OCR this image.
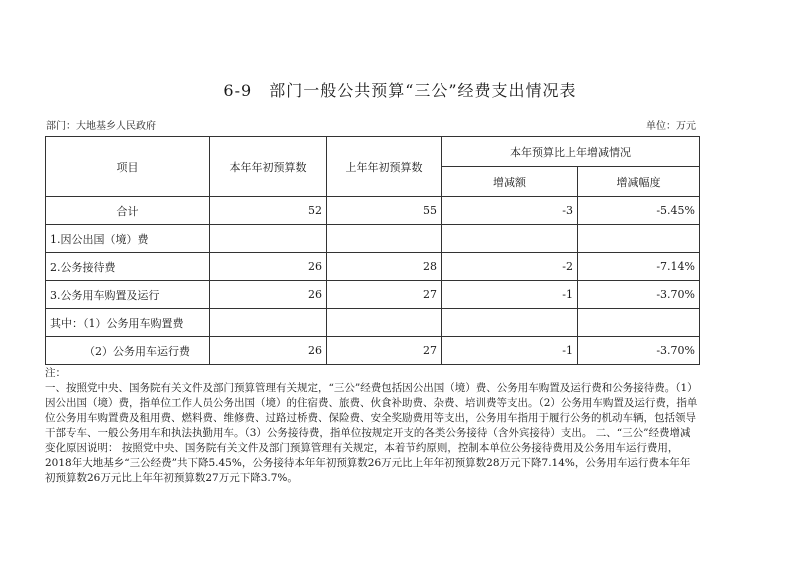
6-9　部门一般公共预算“三公”经费支出情况表
部门：大地基乡人民政府	单位：万元
项目	本年年初预算数	上年年初预算数	本年预算比上年增减情况	
			增减额	增减幅度
合计	52	55	-3	-5.45%
1.因公出国（境）费				
2.公务接待费	26	28	-2	-7.14%
3.公务用车购置及运行	26	27	-1	-3.70%
其中：（1）公务用车购置费				
（2）公务用车运行费	26	27	-1	-3.70%
注：
一、按照党中央、国务院有关文件及部门预算管理有关规定，“三公”经费包括因公出国（境）费、公务用车购置及运行费和公务接待费。（1）因公出国（境）费，指单位工作人员公务出国（境）的住宿费、旅费、伙食补助费、杂费、培训费等支出。（2）公务用车购置及运行费，指单位公务用车购置费及租用费、燃料费、维修费、过路过桥费、保险费、安全奖励费用等支出，公务用车指用于履行公务的机动车辆，包括领导干部专车、一般公务用车和执法执勤用车。（3）公务接待费，指单位按规定开支的各类公务接待（含外宾接待）支出。 二、“三公”经费增减变化原因说明： 按照党中央、国务院有关文件及部门预算管理有关规定，本着节约原则，控制本单位公务接待费用及公务用车运行费用，2018年大地基乡“三公经费”共下降5.45%，公务接待本年年初预算数26万元比上年年初预算数28万元下降7.14%，公务用车运行费本年年初预算数26万元比上年年初预算数27万元下降3.7%。
